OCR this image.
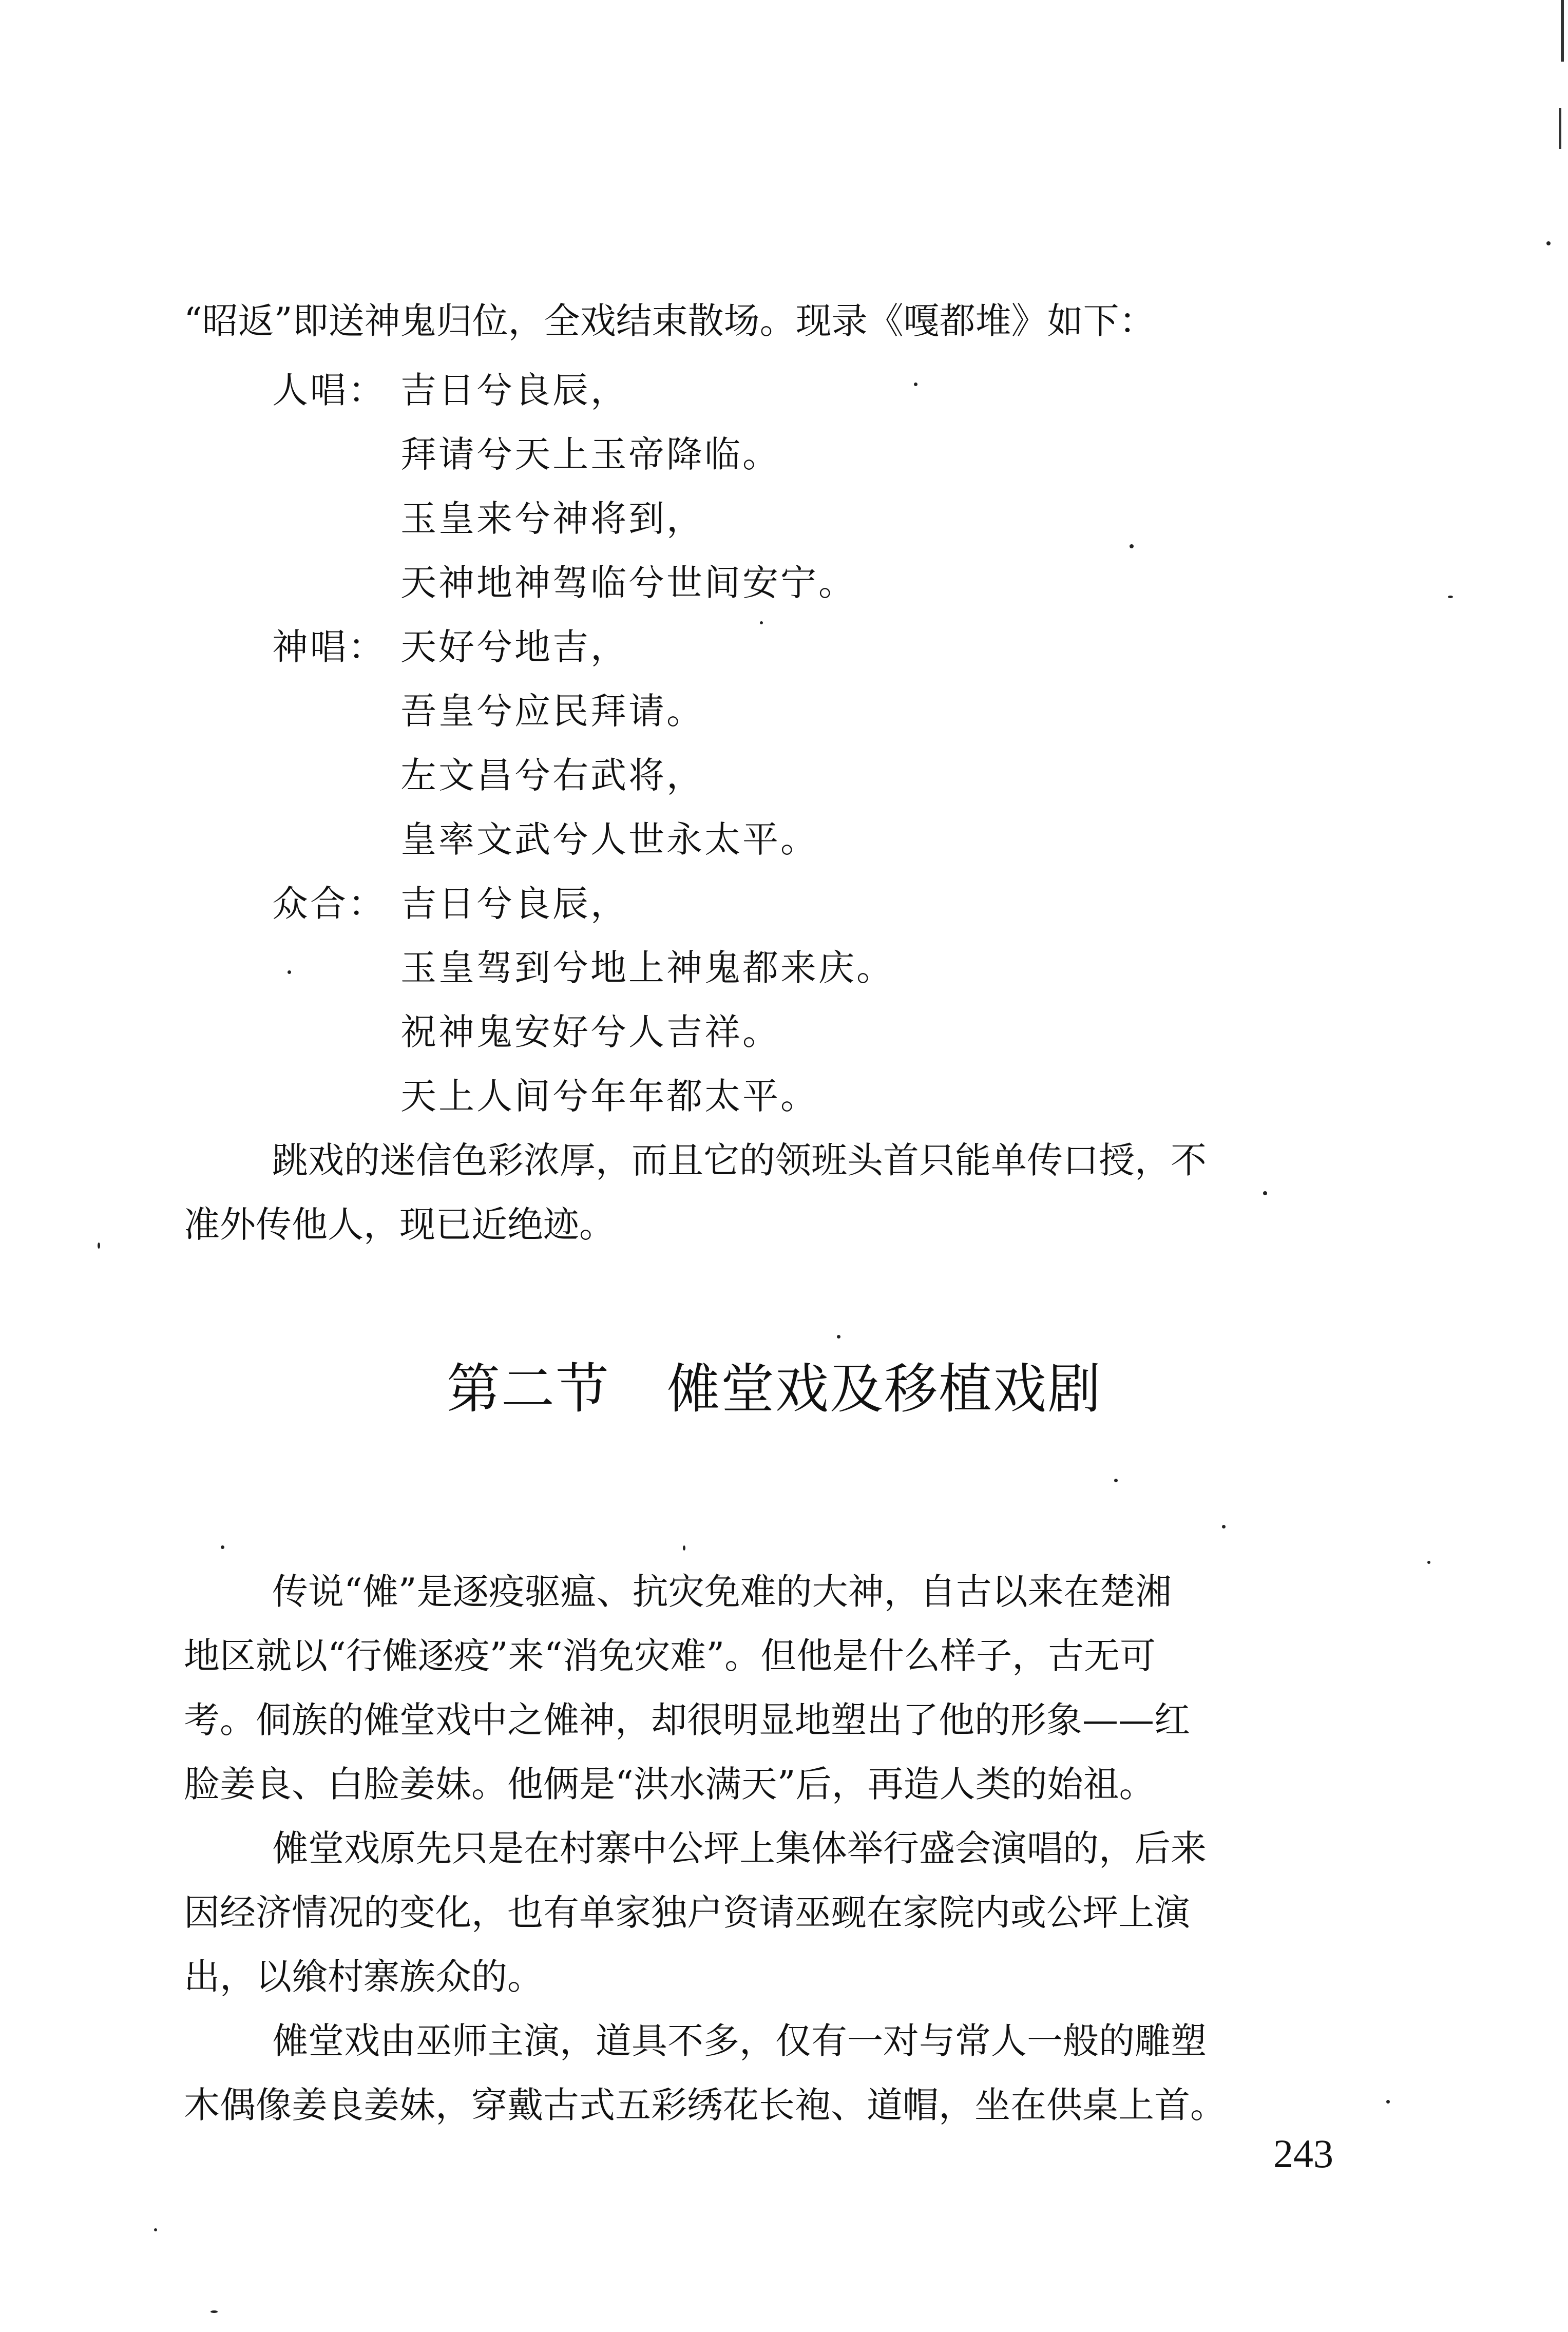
“昭返”即送神鬼归位，全戏结束散场。现录《嘎都堆》如下：
人唱： 吉日兮良辰，
拜请兮天上玉帝降临。
玉皇来兮神将到，
天神地神驾临兮世间安宁。
神唱： 天好兮地吉，
吾皇兮应民拜请。
左文昌兮右武将，
皇率文武兮人世永太平。
众合： 吉日兮良辰，
玉皇驾到兮地上神鬼都来庆。
祝神鬼安好兮人吉祥。
天上人间兮年年都太平。
跳戏的迷信色彩浓厚，而且它的领班头首只能单传口授，不
准外传他人，现已近绝迹。
第二节 傩堂戏及移植戏剧
传说“傩”是逐疫驱瘟、抗灾免难的大神，自古以来在楚湘
地区就以“行傩逐疫”来“消免灾难”。但他是什么样子，古无可
考。侗族的傩堂戏中之傩神，却很明显地塑出了他的形象——红
脸姜良、白脸姜妹。他俩是“洪水满天”后，再造人类的始祖。
傩堂戏原先只是在村寨中公坪上集体举行盛会演唱的，后来
因经济情况的变化，也有单家独户资请巫觋在家院内或公坪上演
出，以飨村寨族众的。
傩堂戏由巫师主演，道具不多，仅有一对与常人一般的雕塑
木偶像姜良姜妹，穿戴古式五彩绣花长袍、道帽，坐在供桌上首。
243
